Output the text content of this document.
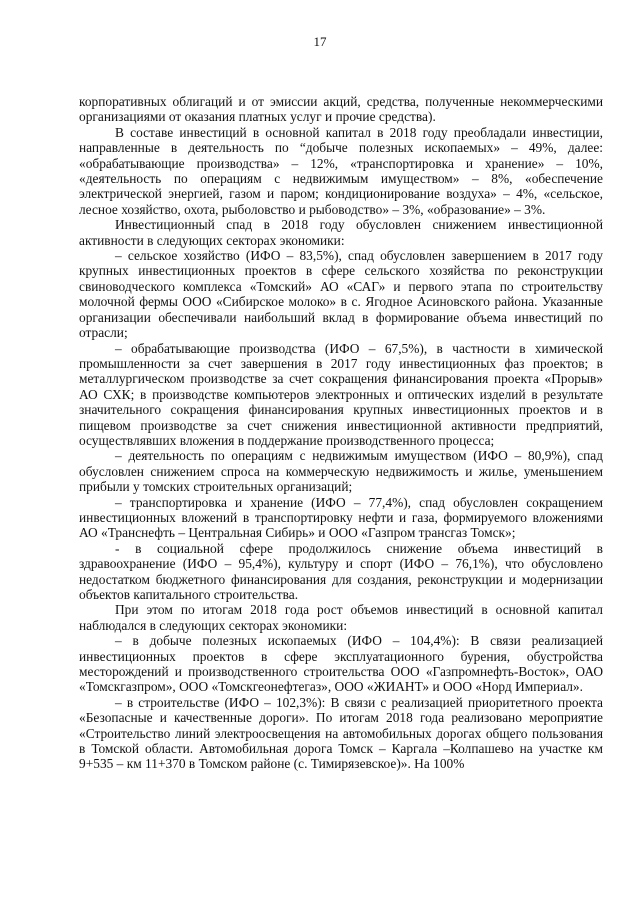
17

корпоративных облигаций и от эмиссии акций, средства, полученные некоммерческими организациями от оказания платных услуг и прочие средства).

В составе инвестиций в основной капитал в 2018 году преобладали инвестиции, направленные в деятельность по “добыче полезных ископаемых» – 49%, далее: «обрабатывающие производства» – 12%, «транспортировка и хранение» – 10%, «деятельность по операциям с недвижимым имуществом» – 8%, «обеспечение электрической энергией, газом и паром; кондиционирование воздуха» – 4%, «сельское, лесное хозяйство, охота, рыболовство и рыбоводство» – 3%, «образование» – 3%.

Инвестиционный спад в 2018 году обусловлен снижением инвестиционной активности в следующих секторах экономики:

– сельское хозяйство (ИФО – 83,5%), спад обусловлен завершением в 2017 году крупных инвестиционных проектов в сфере сельского хозяйства по реконструкции свиноводческого комплекса «Томский» АО «САГ» и первого этапа по строительству молочной фермы ООО «Сибирское молоко» в с. Ягодное Асиновского района. Указанные организации обеспечивали наибольший вклад в формирование объема инвестиций по отрасли;

– обрабатывающие производства (ИФО – 67,5%), в частности в химической промышленности за счет завершения в 2017 году инвестиционных фаз проектов; в металлургическом производстве за счет сокращения финансирования проекта «Прорыв» АО СХК; в производстве компьютеров электронных и оптических изделий в результате значительного сокращения финансирования крупных инвестиционных проектов и в пищевом производстве за счет снижения инвестиционной активности предприятий, осуществлявших вложения в поддержание производственного процесса;

– деятельность по операциям с недвижимым имуществом (ИФО – 80,9%), спад обусловлен снижением спроса на коммерческую недвижимость и жилье, уменьшением прибыли у томских строительных организаций;

– транспортировка и хранение (ИФО – 77,4%), спад обусловлен сокращением инвестиционных вложений в транспортировку нефти и газа, формируемого вложениями АО «Транснефть – Центральная Сибирь» и ООО «Газпром трансгаз Томск»;

- в социальной сфере продолжилось снижение объема инвестиций в здравоохранение (ИФО – 95,4%), культуру и спорт (ИФО – 76,1%), что обусловлено недостатком бюджетного финансирования для создания, реконструкции и модернизации объектов капитального строительства.

При этом по итогам 2018 года рост объемов инвестиций в основной капитал наблюдался в следующих секторах экономики:

– в добыче полезных ископаемых (ИФО – 104,4%): В связи реализацией инвестиционных проектов в сфере эксплуатационного бурения, обустройства месторождений и производственного строительства ООО «Газпромнефть-Восток», ОАО «Томскгазпром», ООО «Томскгеонефтегаз», ООО «ЖИАНТ» и ООО «Норд Империал».

– в строительстве (ИФО – 102,3%): В связи с реализацией приоритетного проекта «Безопасные и качественные дороги». По итогам 2018 года реализовано мероприятие «Строительство линий электроосвещения на автомобильных дорогах общего пользования в Томской области. Автомобильная дорога Томск – Каргала –Колпашево на участке км 9+535 – км 11+370 в Томском районе (с. Тимирязевское)». На 100%
